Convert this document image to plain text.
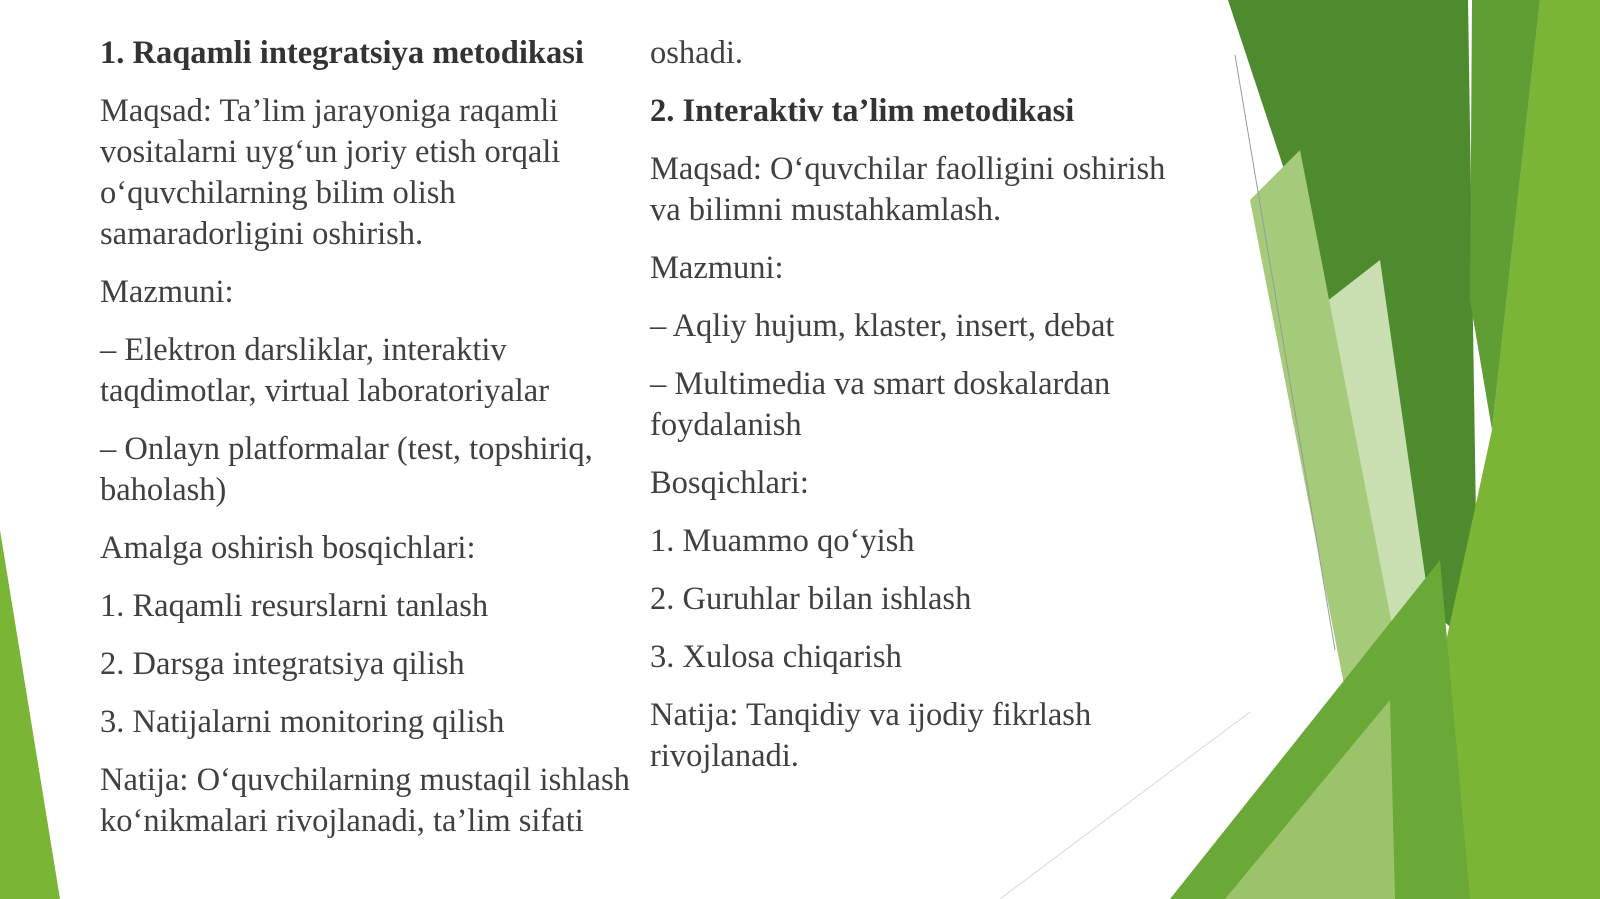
1. Raqamli integratsiya metodikasi

Maqsad: Ta’lim jarayoniga raqamli vositalarni uyg‘un joriy etish orqali o‘quvchilarning bilim olish samaradorligini oshirish.

Mazmuni:

– Elektron darsliklar, interaktiv taqdimotlar, virtual laboratoriyalar

– Onlayn platformalar (test, topshiriq, baholash)

Amalga oshirish bosqichlari:

1. Raqamli resurslarni tanlash

2. Darsga integratsiya qilish

3. Natijalarni monitoring qilish

Natija: O‘quvchilarning mustaqil ishlash ko‘nikmalari rivojlanadi, ta’lim sifati oshadi.

2. Interaktiv ta’lim metodikasi

Maqsad: O‘quvchilar faolligini oshirish va bilimni mustahkamlash.

Mazmuni:

– Aqliy hujum, klaster, insert, debat

– Multimedia va smart doskalardan foydalanish

Bosqichlari:

1. Muammo qo‘yish

2. Guruhlar bilan ishlash

3. Xulosa chiqarish

Natija: Tanqidiy va ijodiy fikrlash rivojlanadi.
